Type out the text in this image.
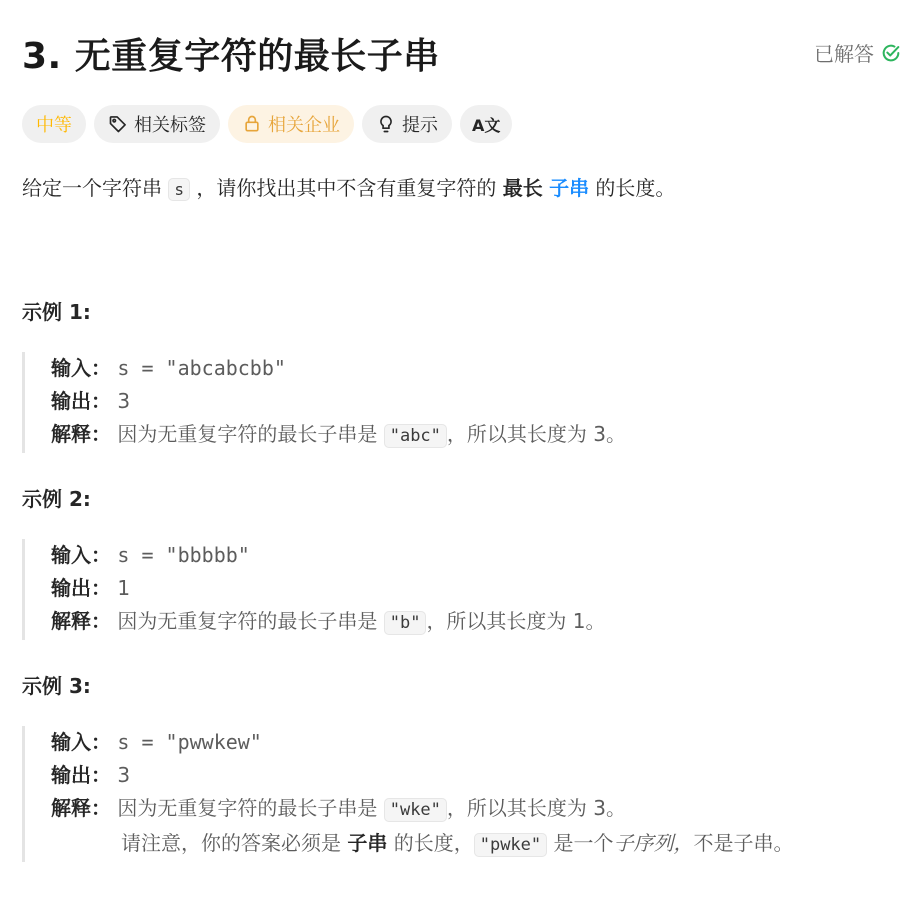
3. 无重复字符的最长子串	已解答
中等	相关标签	相关企业	提示 A文
给定一个字符串 s ，请你找出其中不含有重复字符的 最长 子串 的长度。
示例 1:
输入： s = "abcabcbb"
输出： 3
解释： 因为无重复字符的最长子串是 "abc" ，所以其长度为 3。
示例 2:
输入： s = "bbbbb"
输出： 1
解释： 因为无重复字符的最长子串是 "b" ，所以其长度为 1。
示例 3:
输入： s = "pwwkew"
输出： 3
解释： 因为无重复字符的最长子串是 "wke" ，所以其长度为 3。
请注意，你的答案必须是 子串 的长度， "pwke" 是一个子序列，不是子串。
